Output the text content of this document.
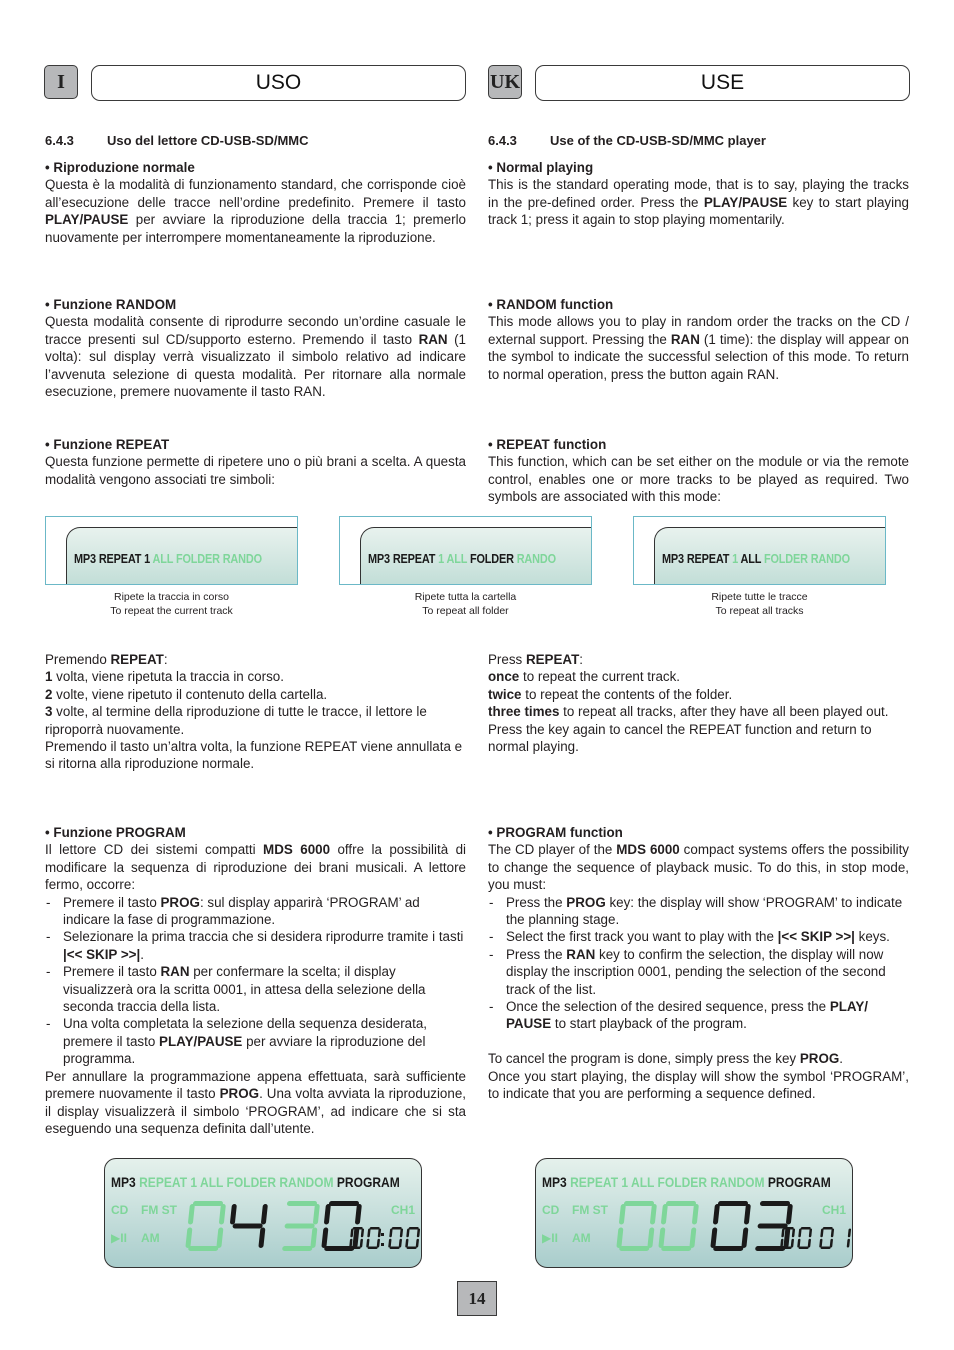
I	USO	UK	USE

6.4.3	Uso del lettore CD-USB-SD/MMC

• Riproduzione normale

Questa è la modalità di funzionamento standard, che corrisponde cioè all’esecuzione delle tracce nell’ordine predefinito. Premere il tasto PLAY/PAUSE per avviare la riproduzione della traccia 1; premerlo nuovamente per interrompere momentaneamente la riproduzione.

• Funzione RANDOM

Questa modalità consente di riprodurre secondo un’ordine casuale le tracce presenti sul CD/supporto esterno. Premendo il tasto RAN (1 volta): sul display verrà visualizzato il simbolo relativo ad indicare l’avvenuta selezione di questa modalità. Per ritornare alla normale esecuzione, premere nuovamente il tasto RAN.

• Funzione REPEAT

Questa funzione permette di ripetere uno o più brani a scelta. A questa modalità vengono associati tre simboli:

Premendo REPEAT:

1 volta, viene ripetuta la traccia in corso.

2 volte, viene ripetuto il contenuto della cartella.

3 volte, al termine della riproduzione di tutte le tracce, il lettore le riproporrà nuovamente.

Premendo il tasto un’altra volta, la funzione REPEAT viene annullata e si ritorna alla riproduzione normale.

• Funzione PROGRAM

Il lettore CD dei sistemi compatti MDS 6000 offre la possibilità di modificare la sequenza di riproduzione dei brani musicali. A lettore fermo, occorre:

- Premere il tasto PROG: sul display apparirà ‘PROGRAM’ ad indicare la fase di programmazione.
- Selezionare la prima traccia che si desidera riprodurre tramite i tasti |<< SKIP >>|.
- Premere il tasto RAN per confermare la scelta; il display visualizzerà ora la scritta 0001, in attesa della selezione della seconda traccia della lista.
- Una volta completata la selezione della sequenza desiderata, premere il tasto PLAY/PAUSE per avviare la riproduzione del programma.

Per annullare la programmazione appena effettuata, sarà sufficiente premere nuovamente il tasto PROG. Una volta avviata la riproduzione, il display visualizzerà il simbolo ‘PROGRAM’, ad indicare che si sta eseguendo una sequenza definita dall’utente.

6.4.3	Use of the CD-USB-SD/MMC player

• Normal playing

This is the standard operating mode, that is to say, playing the tracks in the pre-defined order. Press the PLAY/PAUSE key to start playing track 1; press it again to stop playing momentarily.

• RANDOM function

This mode allows you to play in random order the tracks on the CD / external support. Pressing the RAN (1 time): the display will appear on the symbol to indicate the successful selection of this mode. To return to normal operation, press the button again RAN.

• REPEAT function

This function, which can be set either on the module or via the remote control, enables one or more tracks to be played as required. Two symbols are associated with this mode:

Press REPEAT:

once to repeat the current track.

twice to repeat the contents of the folder.

three times to repeat all tracks, after they have all been played out.

Press the key again to cancel the REPEAT function and return to normal playing.

• PROGRAM function

The CD player of the MDS 6000 compact systems offers the possibility to change the sequence of playback music. To do this, in stop mode, you must:

- Press the PROG key: the display will show ‘PROGRAM’ to indicate the planning stage.
- Select the first track you want to play with the |<< SKIP >>| keys.
- Press the RAN key to confirm the selection, the display will now display the inscription 0001, pending the selection of the second track of the list.
- Once the selection of the desired sequence, press the PLAY/ PAUSE to start playback of the program.

To cancel the program is done, simply press the key PROG.

Once you start playing, the display will show the symbol ‘PROGRAM’, to indicate that you are performing a sequence defined.

MP3 REPEAT 1 ALL FOLDER RANDO
Ripete la traccia in corso
To repeat the current track
MP3 REPEAT 1 ALL FOLDER RANDO
Ripete tutta la cartella
To repeat all folder
MP3 REPEAT 1 ALL FOLDER RANDO
Ripete tutte le tracce
To repeat all tracks
MP3 REPEAT 1 ALL FOLDER RANDOM PROGRAM
CD FM ST
▶II AM
CH1
MP3 REPEAT 1 ALL FOLDER RANDOM PROGRAM
CD FM ST
▶II AM
CH1
14
